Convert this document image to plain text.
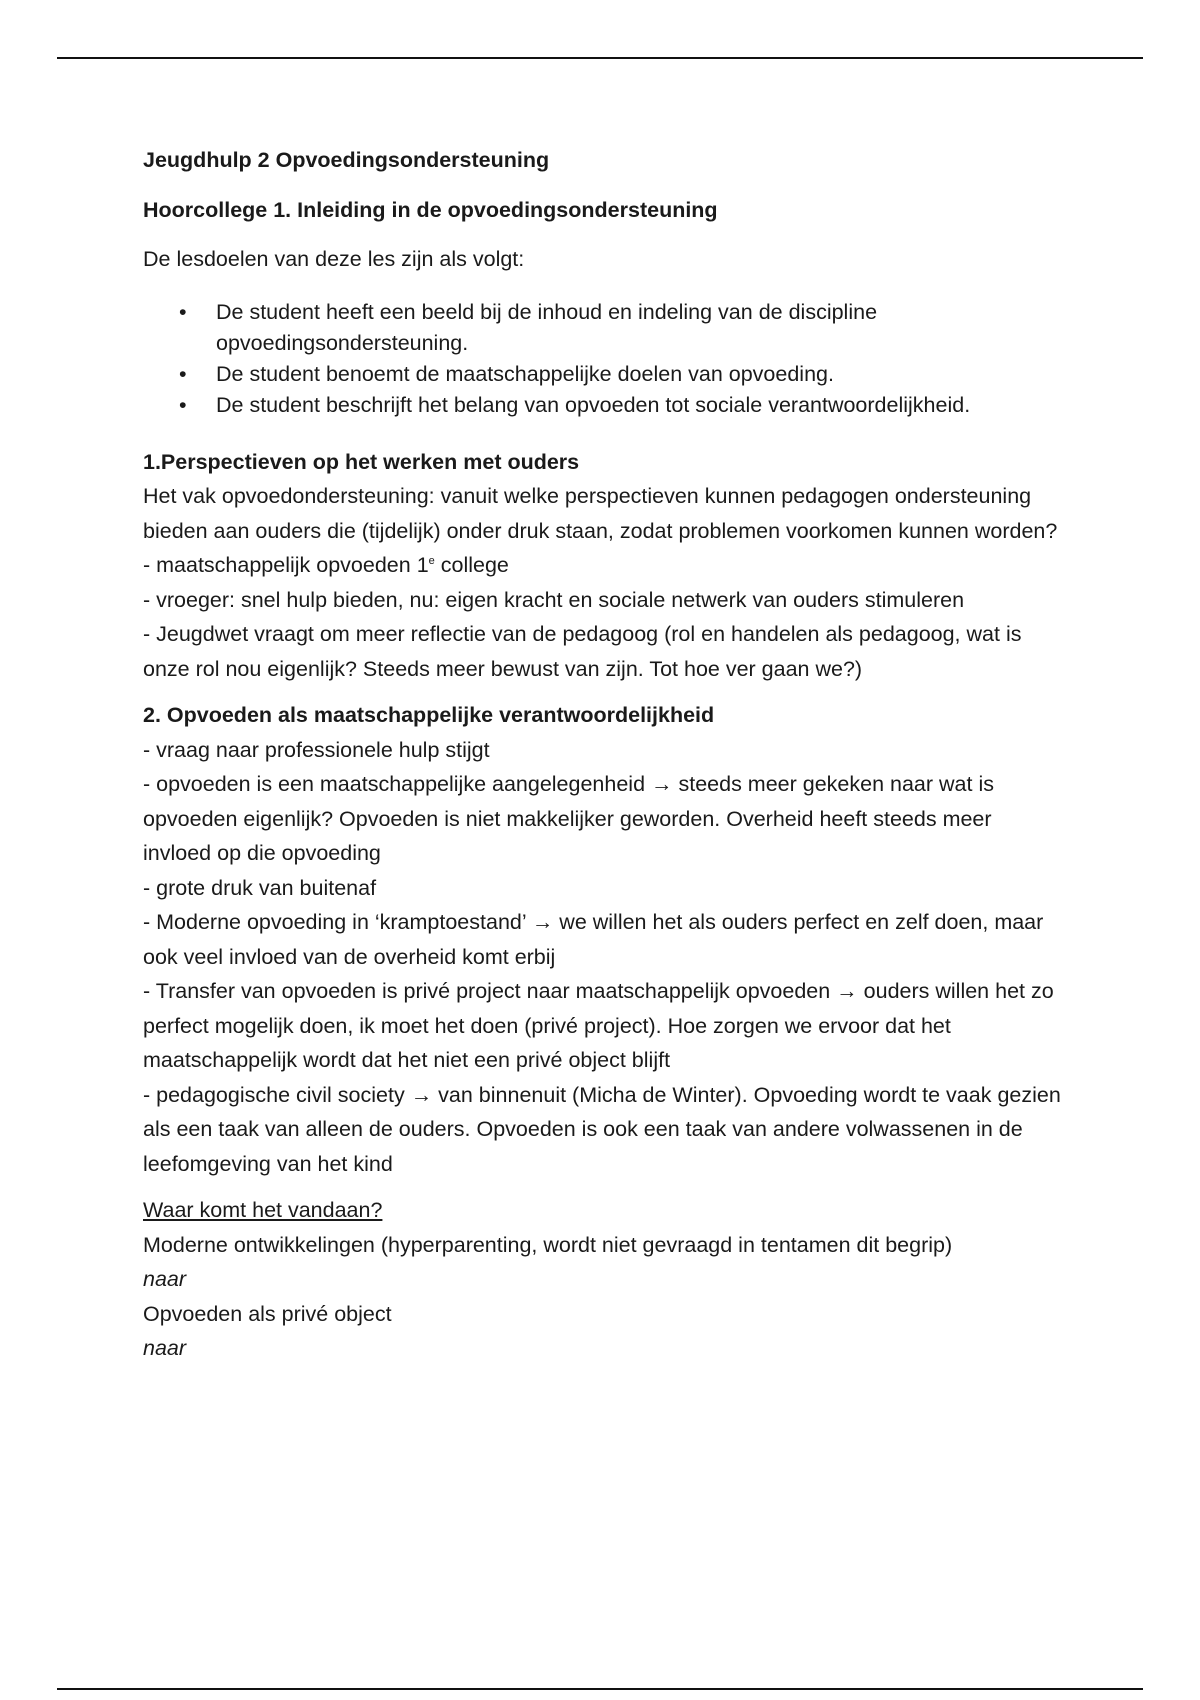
Jeugdhulp 2 Opvoedingsondersteuning

Hoorcollege 1. Inleiding in de opvoedingsondersteuning

De lesdoelen van deze les zijn als volgt:

• De student heeft een beeld bij de inhoud en indeling van de discipline opvoedingsondersteuning.
• De student benoemt de maatschappelijke doelen van opvoeding.
• De student beschrijft het belang van opvoeden tot sociale verantwoordelijkheid.

1.Perspectieven op het werken met ouders

Het vak opvoedondersteuning: vanuit welke perspectieven kunnen pedagogen ondersteuning bieden aan ouders die (tijdelijk) onder druk staan, zodat problemen voorkomen kunnen worden?

- maatschappelijk opvoeden 1e college

- vroeger: snel hulp bieden, nu: eigen kracht en sociale netwerk van ouders stimuleren

- Jeugdwet vraagt om meer reflectie van de pedagoog (rol en handelen als pedagoog, wat is onze rol nou eigenlijk? Steeds meer bewust van zijn. Tot hoe ver gaan we?)

2. Opvoeden als maatschappelijke verantwoordelijkheid

- vraag naar professionele hulp stijgt

- opvoeden is een maatschappelijke aangelegenheid → steeds meer gekeken naar wat is opvoeden eigenlijk? Opvoeden is niet makkelijker geworden. Overheid heeft steeds meer invloed op die opvoeding

- grote druk van buitenaf

- Moderne opvoeding in ‘kramptoestand’ → we willen het als ouders perfect en zelf doen, maar ook veel invloed van de overheid komt erbij

- Transfer van opvoeden is privé project naar maatschappelijk opvoeden → ouders willen het zo perfect mogelijk doen, ik moet het doen (privé project). Hoe zorgen we ervoor dat het maatschappelijk wordt dat het niet een privé object blijft

- pedagogische civil society → van binnenuit (Micha de Winter). Opvoeding wordt te vaak gezien als een taak van alleen de ouders. Opvoeden is ook een taak van andere volwassenen in de leefomgeving van het kind

Waar komt het vandaan?

Moderne ontwikkelingen (hyperparenting, wordt niet gevraagd in tentamen dit begrip)

naar

Opvoeden als privé object

naar
